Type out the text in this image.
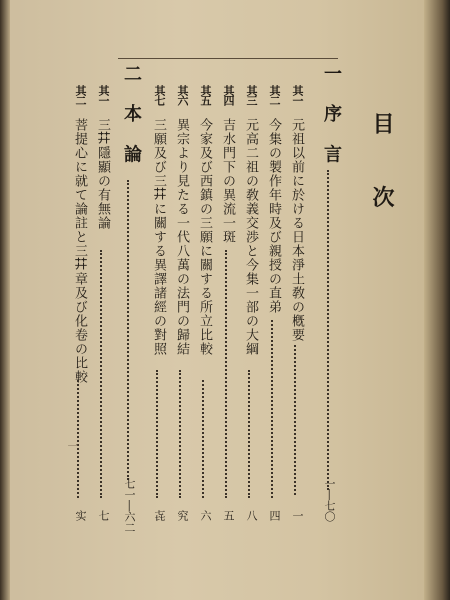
目 次
一 序 言
一―七〇
其一
元祖以前に於ける日本淨土敎の槪要
一
其二
今集の製作年時及び親授の直弟
四
其三
元高二祖の敎義交渉と今集一部の大綱
八
其四
吉水門下の異流一斑
五
其五
今家及び西鎮の三願に關する所立比較
六
其六
異宗より見たる一代八萬の法門の歸結
究
其七
三願及び三𦬇に關する異譯諸經の對照
㐂
二 本 論
七一―六二
其一
三𦬇隱顯の有無論
七
其二
菩提心に就て論註と三𦬇章及び化卷の比較
实
一
